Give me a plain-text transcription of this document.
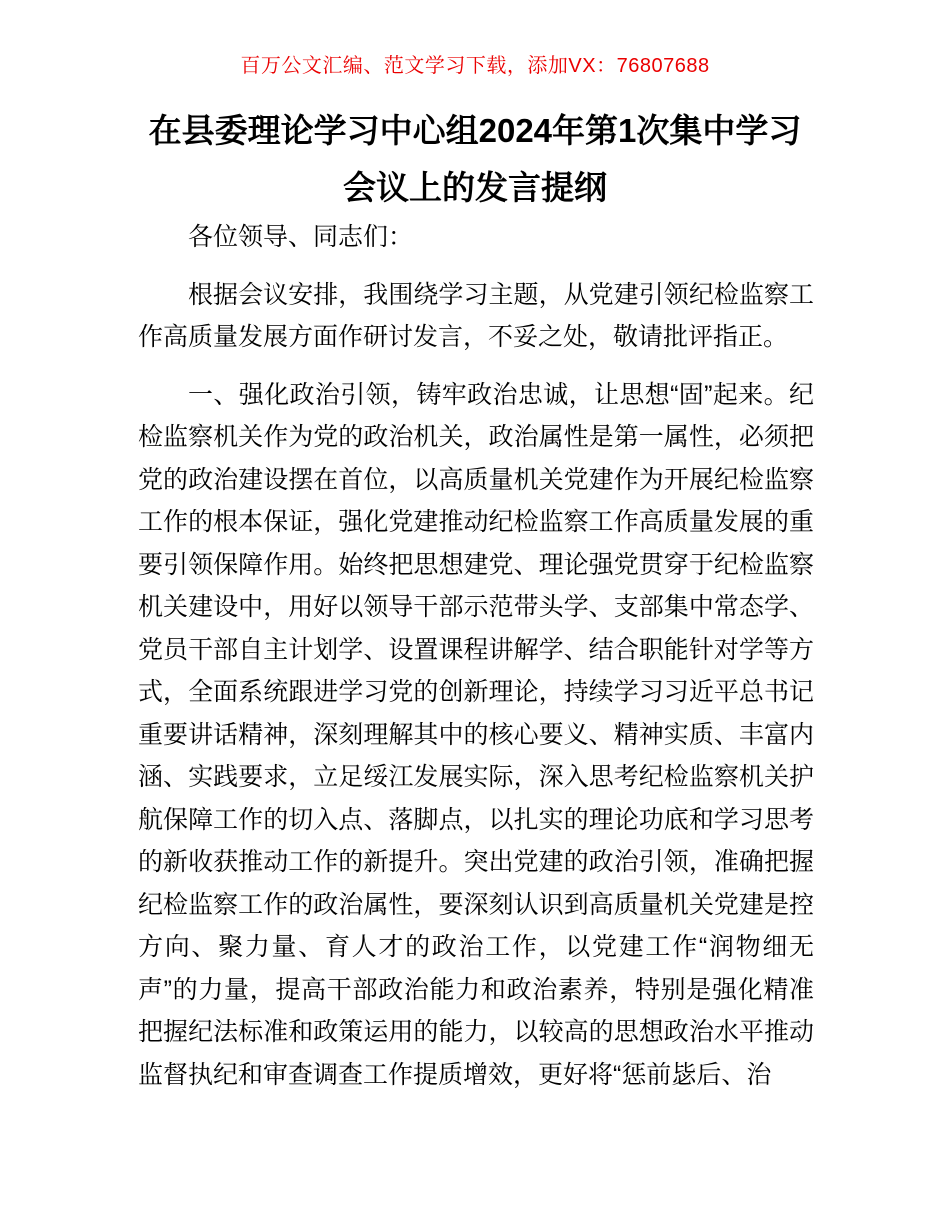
百万公文汇编、范文学习下载，添加VX：76807688
在县委理论学习中心组2024年第1次集中学习会议上的发言提纲

各位领导、同志们：

根据会议安排，我围绕学习主题，从党建引领纪检监察工作高质量发展方面作研讨发言，不妥之处，敬请批评指正。

一、强化政治引领，铸牢政治忠诚，让思想“固”起来。纪检监察机关作为党的政治机关，政治属性是第一属性，必须把党的政治建设摆在首位，以高质量机关党建作为开展纪检监察工作的根本保证，强化党建推动纪检监察工作高质量发展的重要引领保障作用。始终把思想建党、理论强党贯穿于纪检监察机关建设中，用好以领导干部示范带头学、支部集中常态学、党员干部自主计划学、设置课程讲解学、结合职能针对学等方式，全面系统跟进学习党的创新理论，持续学习习近平总书记重要讲话精神，深刻理解其中的核心要义、精神实质、丰富内涵、实践要求，立足绥江发展实际，深入思考纪检监察机关护航保障工作的切入点、落脚点，以扎实的理论功底和学习思考的新收获推动工作的新提升。突出党建的政治引领，准确把握纪检监察工作的政治属性，要深刻认识到高质量机关党建是控方向、聚力量、育人才的政治工作，以党建工作“润物细无声”的力量，提高干部政治能力和政治素养，特别是强化精准把握纪法标准和政策运用的能力，以较高的思想政治水平推动监督执纪和审查调查工作提质增效，更好将“惩前毖后、治
